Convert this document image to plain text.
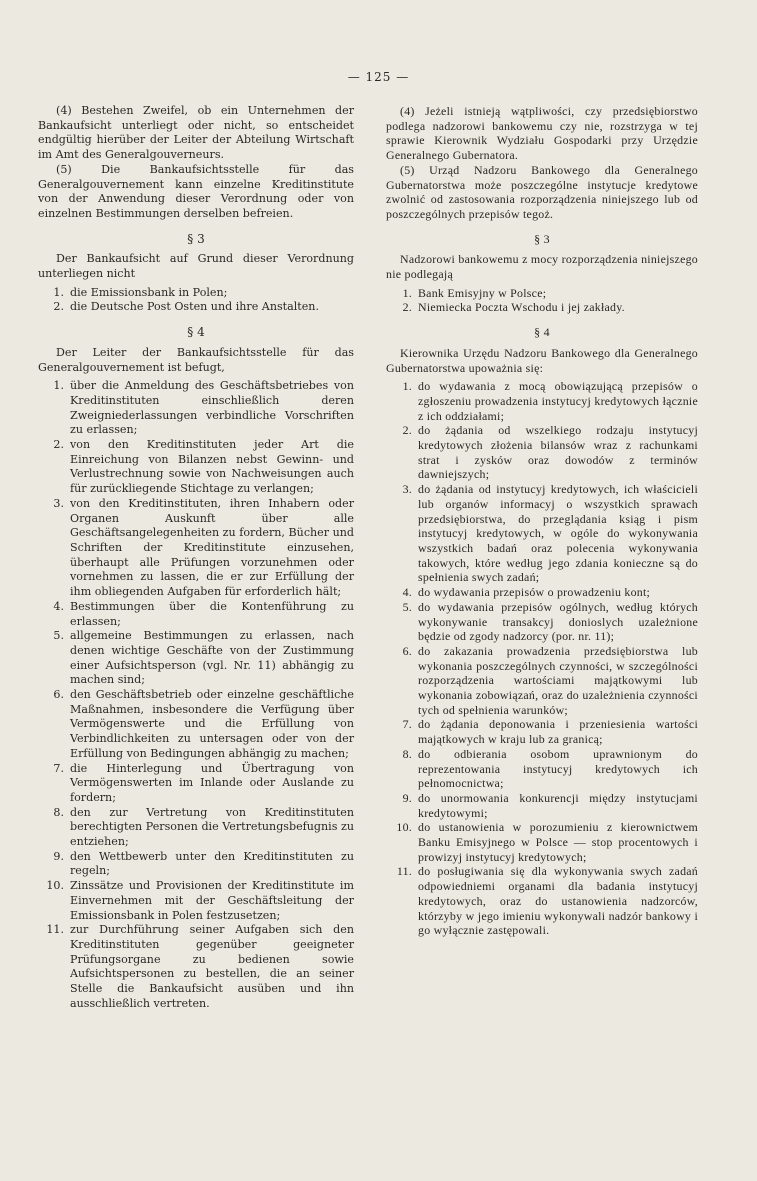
— 125 —

(4) Bestehen Zweifel, ob ein Unternehmen der Bankaufsicht unterliegt oder nicht, so entscheidet endgültig hierüber der Leiter der Abteilung Wirtschaft im Amt des Generalgouverneurs.

(5) Die Bankaufsichtsstelle für das Generalgouvernement kann einzelne Kreditinstitute von der Anwendung dieser Verordnung oder von einzelnen Bestimmungen derselben befreien.

§ 3

Der Bankaufsicht auf Grund dieser Verordnung unterliegen nicht

1. die Emissionsbank in Polen;
2. die Deutsche Post Osten und ihre Anstalten.
§ 4

Der Leiter der Bankaufsichtsstelle für das Generalgouvernement ist befugt,

1. über die Anmeldung des Geschäftsbetriebes von Kreditinstituten einschließlich deren Zweigniederlassungen verbindliche Vorschriften zu erlassen;
2. von den Kreditinstituten jeder Art die Einreichung von Bilanzen nebst Gewinn- und Verlustrechnung sowie von Nachweisungen auch für zurückliegende Stichtage zu verlangen;
3. von den Kreditinstituten, ihren Inhabern oder Organen Auskunft über alle Geschäftsangelegenheiten zu fordern, Bücher und Schriften der Kreditinstitute einzusehen, überhaupt alle Prüfungen vorzunehmen oder vornehmen zu lassen, die er zur Erfüllung der ihm obliegenden Aufgaben für erforderlich hält;
4. Bestimmungen über die Kontenführung zu erlassen;
5. allgemeine Bestimmungen zu erlassen, nach denen wichtige Geschäfte von der Zustimmung einer Aufsichtsperson (vgl. Nr. 11) abhängig zu machen sind;
6. den Geschäftsbetrieb oder einzelne geschäftliche Maßnahmen, insbesondere die Verfügung über Vermögenswerte und die Erfüllung von Verbindlichkeiten zu untersagen oder von der Erfüllung von Bedingungen abhängig zu machen;
7. die Hinterlegung und Übertragung von Vermögenswerten im Inlande oder Auslande zu fordern;
8. den zur Vertretung von Kreditinstituten berechtigten Personen die Vertretungsbefugnis zu entziehen;
9. den Wettbewerb unter den Kreditinstituten zu regeln;
10. Zinssätze und Provisionen der Kreditinstitute im Einvernehmen mit der Geschäftsleitung der Emissionsbank in Polen festzusetzen;
11. zur Durchführung seiner Aufgaben sich den Kreditinstituten gegenüber geeigneter Prüfungsorgane zu bedienen sowie Aufsichtspersonen zu bestellen, die an seiner Stelle die Bankaufsicht ausüben und ihn ausschließlich vertreten.

(4) Jeżeli istnieją wątpliwości, czy przedsiębiorstwo podlega nadzorowi bankowemu czy nie, rozstrzyga w tej sprawie Kierownik Wydziału Gospodarki przy Urzędzie Generalnego Gubernatora.

(5) Urząd Nadzoru Bankowego dla Generalnego Gubernatorstwa może poszczególne instytucje kredytowe zwolnić od zastosowania rozporządzenia niniejszego lub od poszczególnych przepisów tegoż.

§ 3

Nadzorowi bankowemu z mocy rozporządzenia niniejszego nie podlegają

1. Bank Emisyjny w Polsce;
2. Niemiecka Poczta Wschodu i jej zakłady.
§ 4

Kierownika Urzędu Nadzoru Bankowego dla Generalnego Gubernatorstwa upoważnia się:

1. do wydawania z mocą obowiązującą przepisów o zgłoszeniu prowadzenia instytucyj kredytowych łącznie z ich oddziałami;
2. do żądania od wszelkiego rodzaju instytucyj kredytowych złożenia bilansów wraz z rachunkami strat i zysków oraz dowodów z terminów dawniejszych;
3. do żądania od instytucyj kredytowych, ich właścicieli lub organów informacyj o wszystkich sprawach przedsiębiorstwa, do przeglądania ksiąg i pism instytucyj kredytowych, w ogóle do wykonywania wszystkich badań oraz polecenia wykonywania takowych, które według jego zdania konieczne są do spełnienia swych zadań;
4. do wydawania przepisów o prowadzeniu kont;
5. do wydawania przepisów ogólnych, według których wykonywanie transakcyj donioslych uzależnione będzie od zgody nadzorcy (por. nr. 11);
6. do zakazania prowadzenia przedsiębiorstwa lub wykonania poszczególnych czynności, w szczególności rozporządzenia wartościami majątkowymi lub wykonania zobowiązań, oraz do uzależnienia czynności tych od spełnienia warunków;
7. do żądania deponowania i przeniesienia wartości majątkowych w kraju lub za granicą;
8. do odbierania osobom uprawnionym do reprezentowania instytucyj kredytowych ich pełnomocnictwa;
9. do unormowania konkurencji między instytucjami kredytowymi;
10. do ustanowienia w porozumieniu z kierownictwem Banku Emisyjnego w Polsce — stop procentowych i prowizyj instytucyj kredytowych;
11. do posługiwania się dla wykonywania swych zadań odpowiedniemi organami dla badania instytucyj kredytowych, oraz do ustanowienia nadzorców, którzyby w jego imieniu wykonywali nadzór bankowy i go wyłącznie zastępowali.
